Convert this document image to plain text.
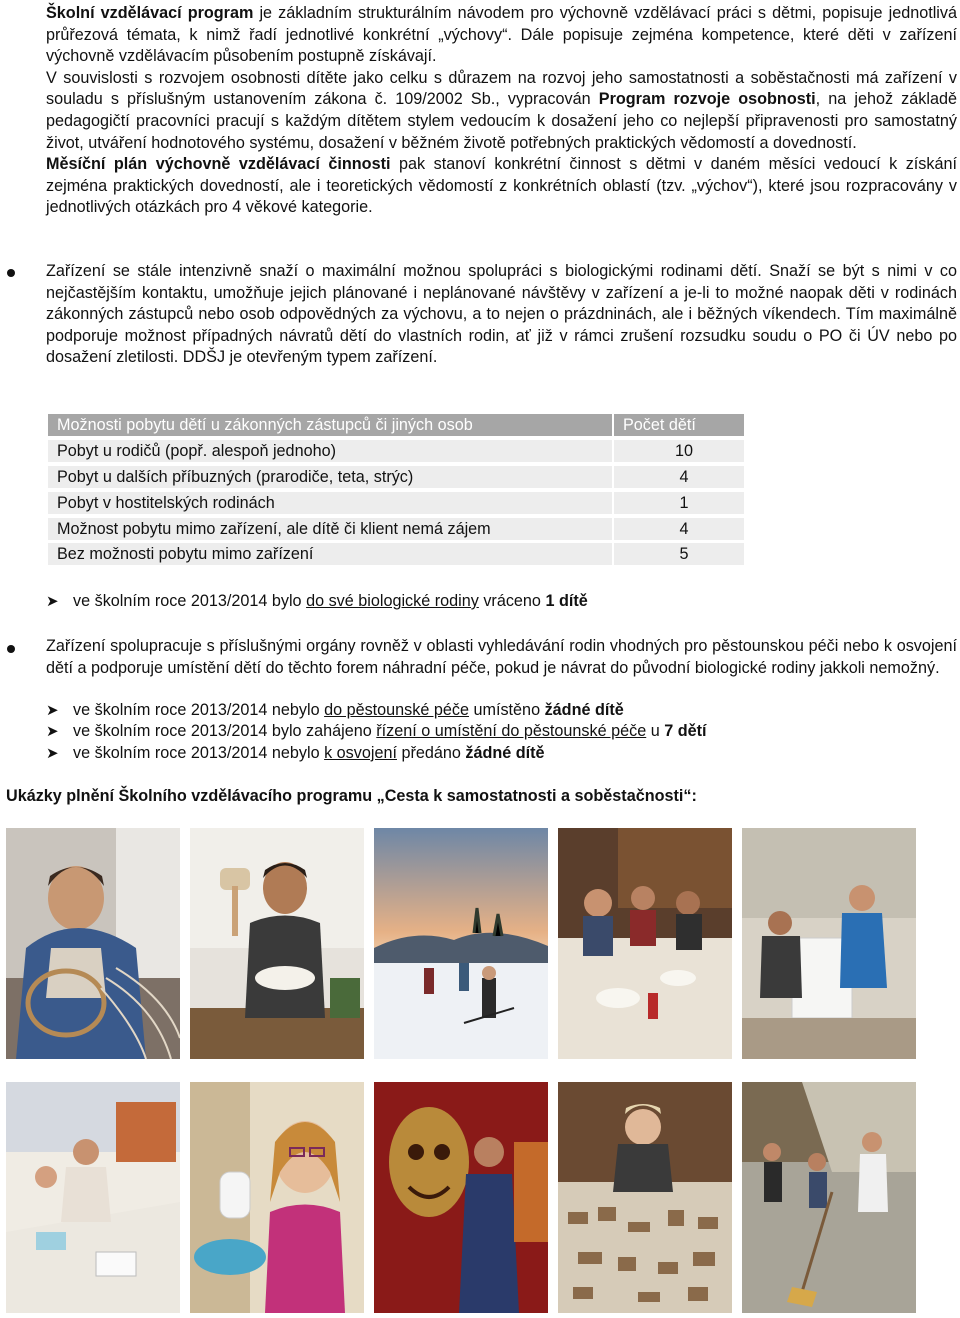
Školní vzdělávací program je základním strukturálním návodem pro výchovně vzdělávací práci s dětmi, popisuje jednotlivá průřezová témata, k nimž řadí jednotlivé konkrétní „výchovy“. Dále popisuje zejména kompetence, které děti v zařízení výchovně vzdělávacím působením postupně získávají.
V souvislosti s rozvojem osobnosti dítěte jako celku s důrazem na rozvoj jeho samostatnosti a soběstačnosti má zařízení v souladu s příslušným ustanovením zákona č. 109/2002 Sb., vypracován Program rozvoje osobnosti, na jehož základě pedagogičtí pracovníci pracují s každým dítětem stylem vedoucím k dosažení jeho co nejlepší připravenosti pro samostatný život, utváření hodnotového systému, dosažení v běžném životě potřebných praktických vědomostí a dovedností.
Měsíční plán výchovně vzdělávací činnosti pak stanoví konkrétní činnost s dětmi v daném měsíci vedoucí k získání zejména praktických dovedností, ale i teoretických vědomostí z konkrétních oblastí (tzv. „výchov“), které jsou rozpracovány v jednotlivých otázkách pro 4 věkové kategorie.

Zařízení se stále intenzivně snaží o maximální možnou spolupráci s biologickými rodinami dětí. Snaží se být s nimi v co nejčastějším kontaktu, umožňuje jejich plánované i neplánované návštěvy v zařízení a je-li to možné naopak děti v rodinách zákonných zástupců nebo osob odpovědných za výchovu, a to nejen o prázdninách, ale i běžných víkendech. Tím maximálně podporuje možnost případných návratů dětí do vlastních rodin, ať již v rámci zrušení rozsudku soudu o PO či ÚV nebo po dosažení zletilosti. DDŠJ je otevřeným typem zařízení.

Možnosti pobytu dětí u zákonných zástupců či jiných osob	Počet dětí
Pobyt u rodičů (popř. alespoň jednoho)	10
Pobyt u dalších příbuzných (prarodiče, teta, strýc)	4
Pobyt v hostitelských rodinách	1
Možnost pobytu mimo zařízení, ale dítě či klient nemá zájem	4
Bez možnosti pobytu mimo zařízení	5
➤ ve školním roce 2013/2014 bylo do své biologické rodiny vráceno 1 dítě

Zařízení spolupracuje s příslušnými orgány rovněž v oblasti vyhledávání rodin vhodných pro pěstounskou péči nebo k osvojení dětí a podporuje umístění dětí do těchto forem náhradní péče, pokud je návrat do původní biologické rodiny jakkoli nemožný.

➤ ve školním roce 2013/2014 nebylo do pěstounské péče umístěno žádné dítě
➤ ve školním roce 2013/2014 bylo zahájeno řízení o umístění do pěstounské péče u 7 dětí
➤ ve školním roce 2013/2014 nebylo k osvojení předáno žádné dítě
Ukázky plnění Školního vzdělávacího programu „Cesta k samostatnosti a soběstačnosti“:
